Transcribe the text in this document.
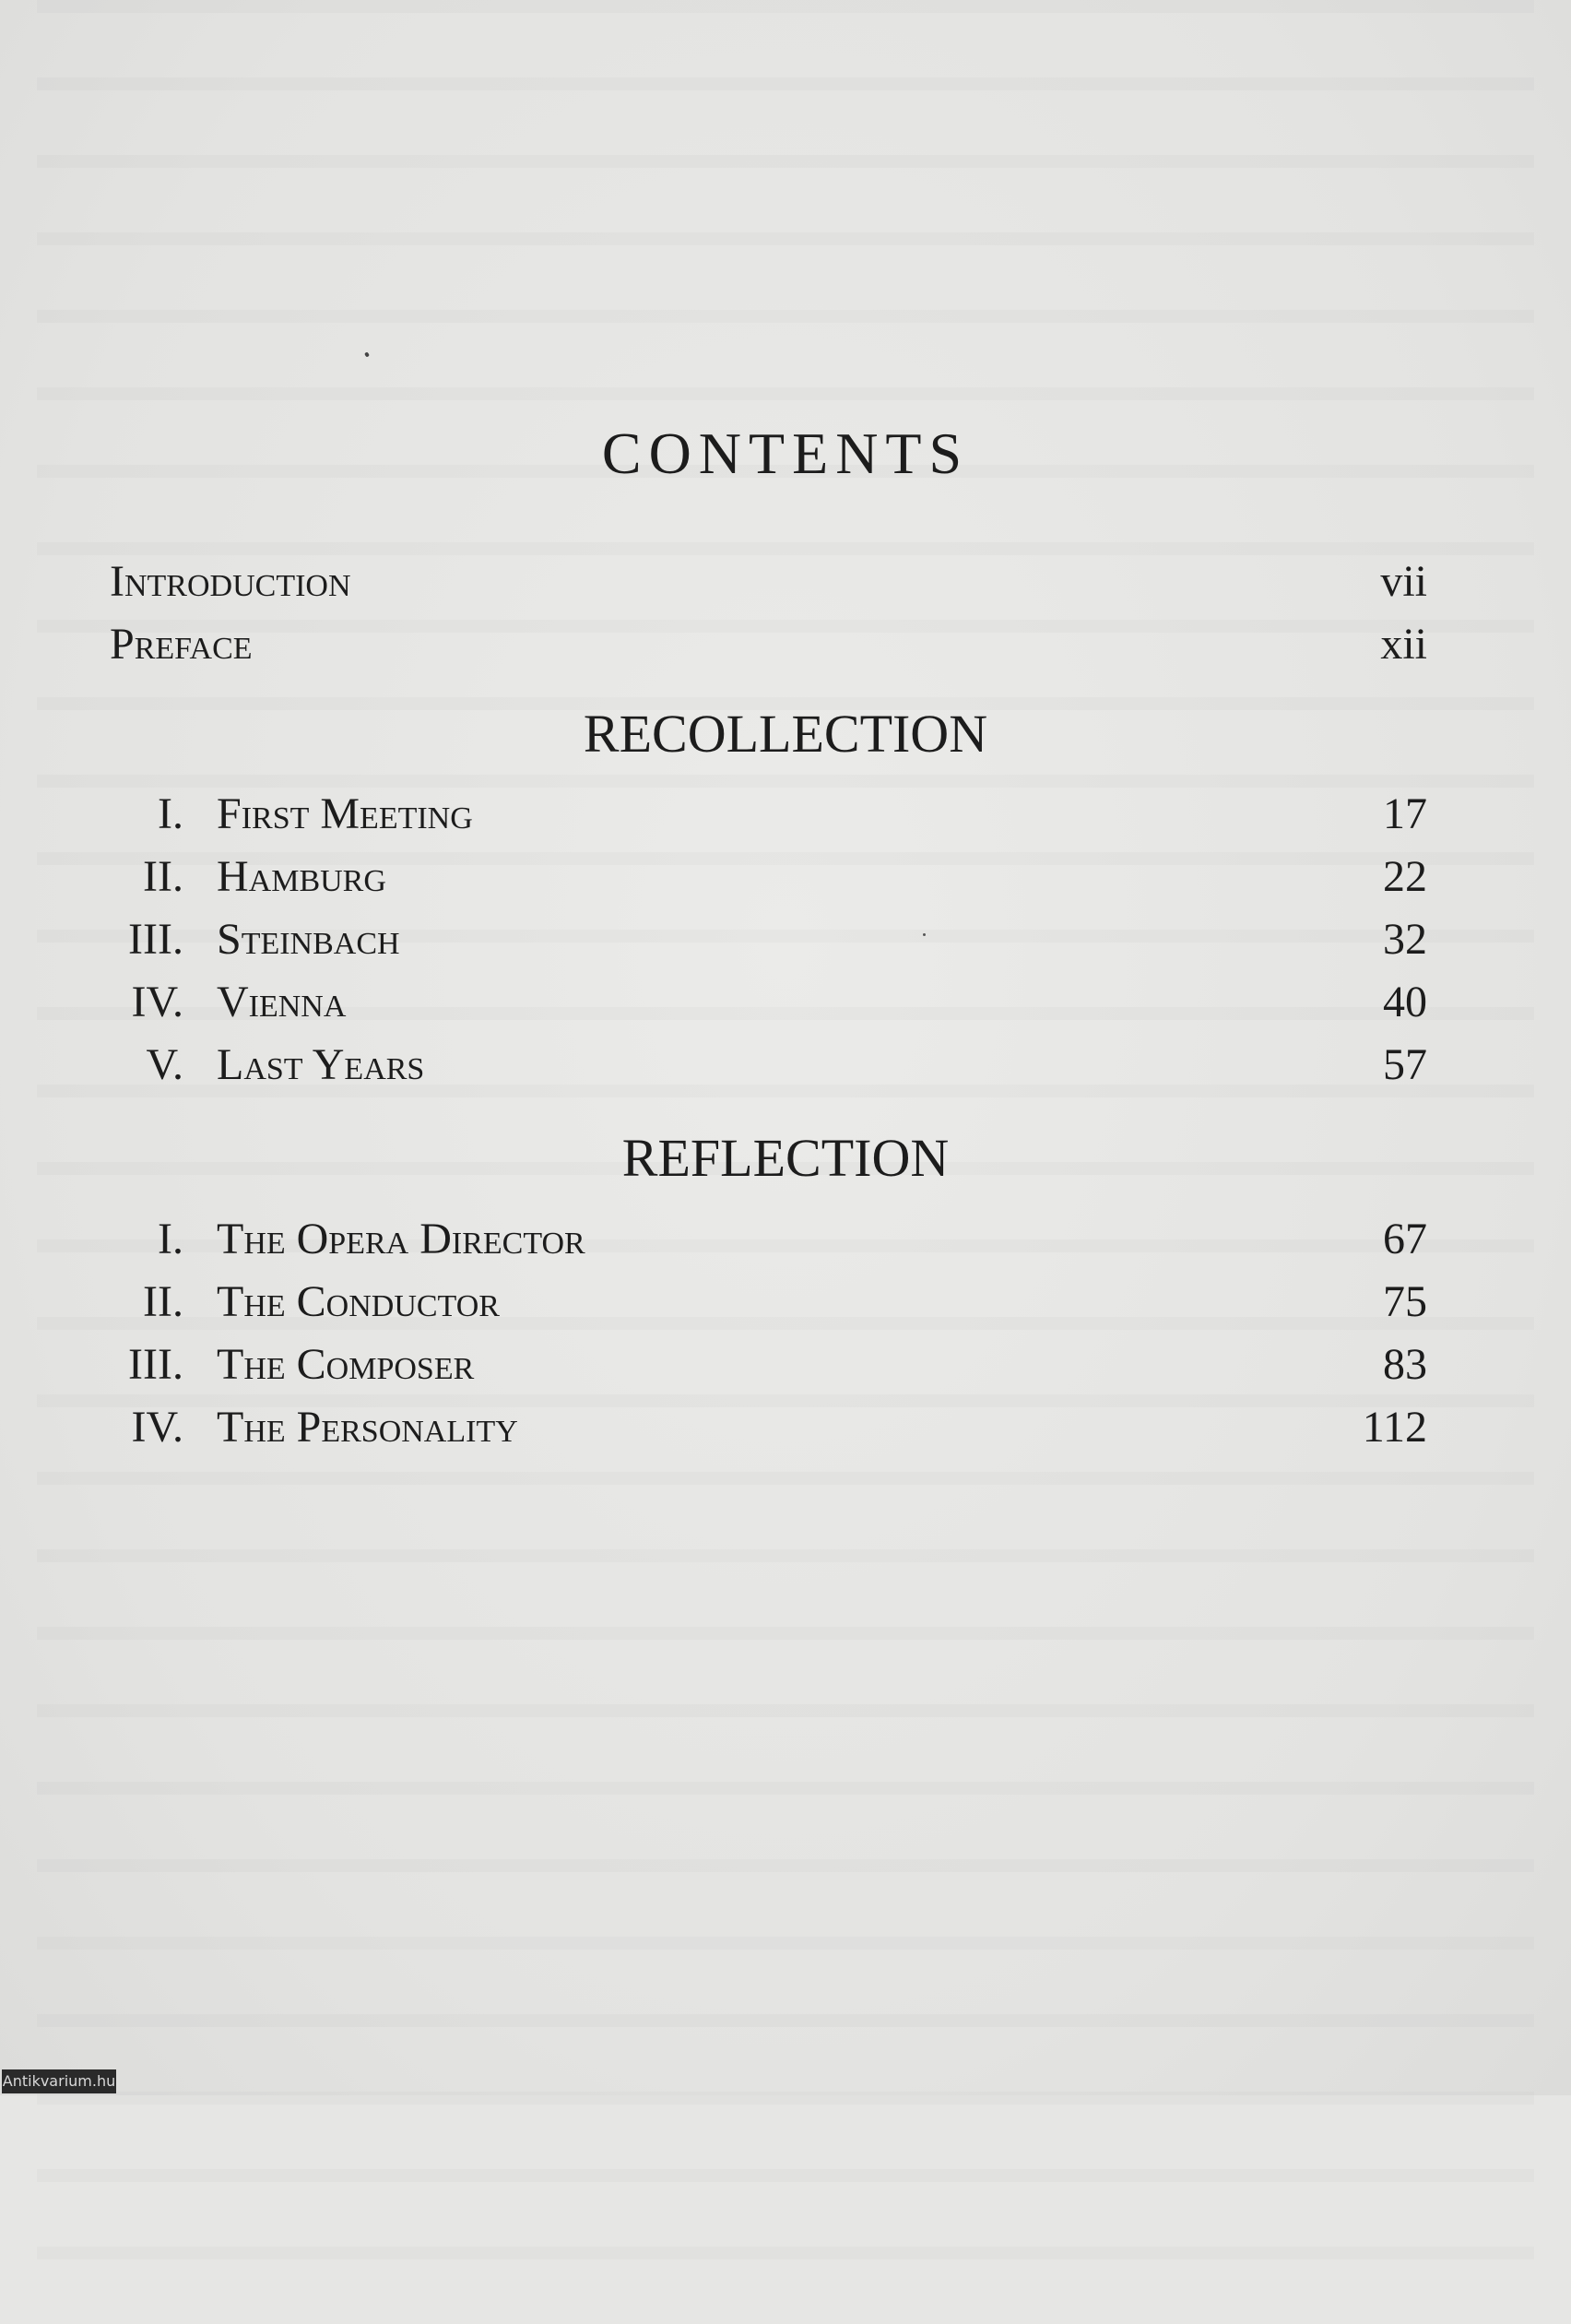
CONTENTS
Introduction	vii
Preface	xii
RECOLLECTION
I. First Meeting	17
II. Hamburg	22
III. Steinbach	32
IV. Vienna	40
V. Last Years	57
REFLECTION
I. The Opera Director	67
II. The Conductor	75
III. The Composer	83
IV. The Personality	112
Antikvarium.hu
